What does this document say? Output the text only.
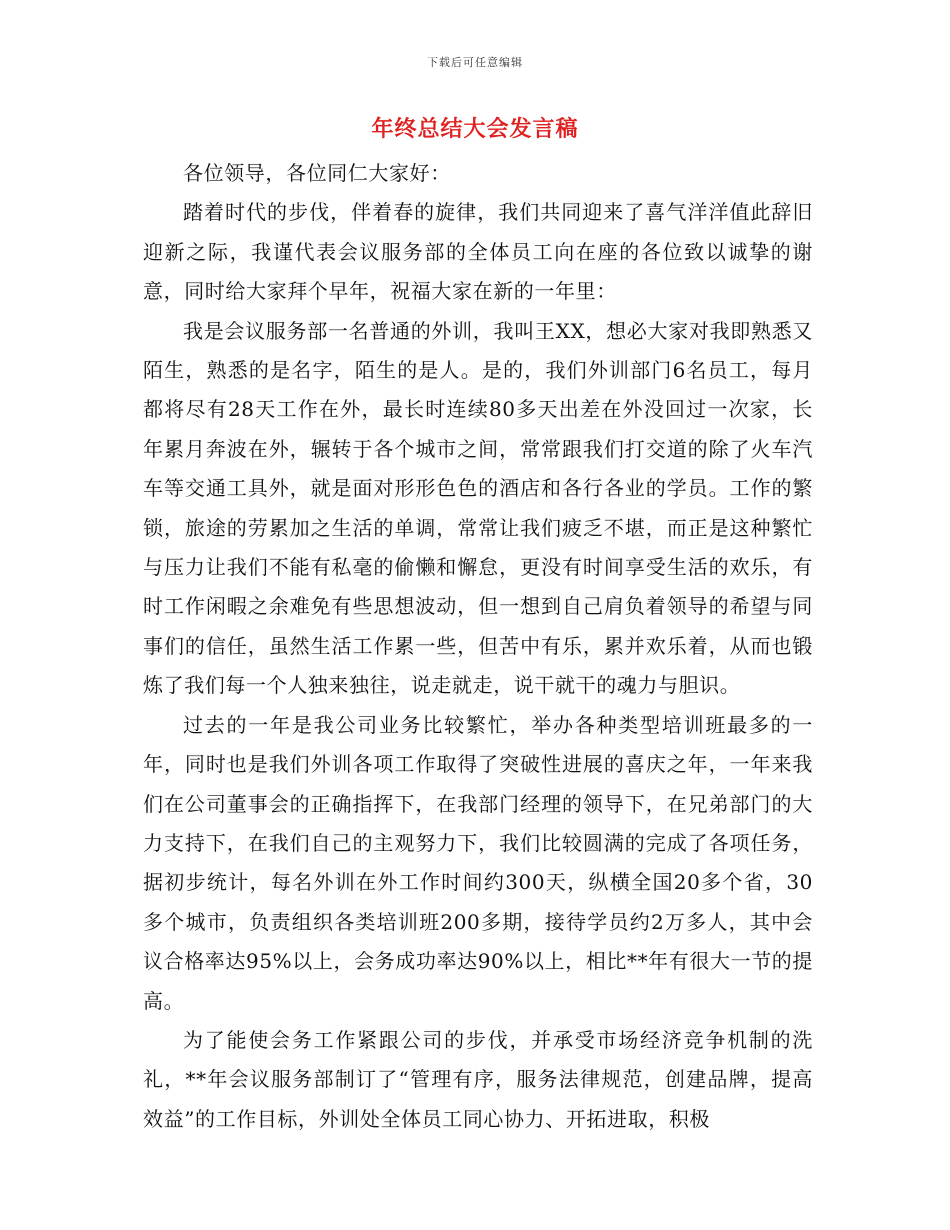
下载后可任意编辑
年终总结大会发言稿

各位领导，各位同仁大家好：

踏着时代的步伐，伴着春的旋律，我们共同迎来了喜气洋洋值此辞旧迎新之际，我谨代表会议服务部的全体员工向在座的各位致以诚挚的谢意，同时给大家拜个早年，祝福大家在新的一年里：

我是会议服务部一名普通的外训，我叫王XX，想必大家对我即熟悉又陌生，熟悉的是名字，陌生的是人。是的，我们外训部门6名员工，每月都将尽有28天工作在外，最长时连续80多天出差在外没回过一次家，长年累月奔波在外，辗转于各个城市之间，常常跟我们打交道的除了火车汽车等交通工具外，就是面对形形色色的酒店和各行各业的学员。工作的繁锁，旅途的劳累加之生活的单调，常常让我们疲乏不堪，而正是这种繁忙与压力让我们不能有私毫的偷懒和懈怠，更没有时间享受生活的欢乐，有时工作闲暇之余难免有些思想波动，但一想到自己肩负着领导的希望与同事们的信任，虽然生活工作累一些，但苦中有乐，累并欢乐着，从而也锻炼了我们每一个人独来独往，说走就走，说干就干的魂力与胆识。

过去的一年是我公司业务比较繁忙，举办各种类型培训班最多的一年，同时也是我们外训各项工作取得了突破性进展的喜庆之年，一年来我们在公司董事会的正确指挥下，在我部门经理的领导下，在兄弟部门的大力支持下，在我们自己的主观努力下，我们比较圆满的完成了各项任务，据初步统计，每名外训在外工作时间约300天，纵横全国20多个省，30多个城市，负责组织各类培训班200多期，接待学员约2万多人，其中会议合格率达95%以上，会务成功率达90%以上，相比**年有很大一节的提高。

为了能使会务工作紧跟公司的步伐，并承受市场经济竞争机制的洗礼，**年会议服务部制订了“管理有序，服务法律规范，创建品牌，提高效益”的工作目标，外训处全体员工同心协力、开拓进取，积极
